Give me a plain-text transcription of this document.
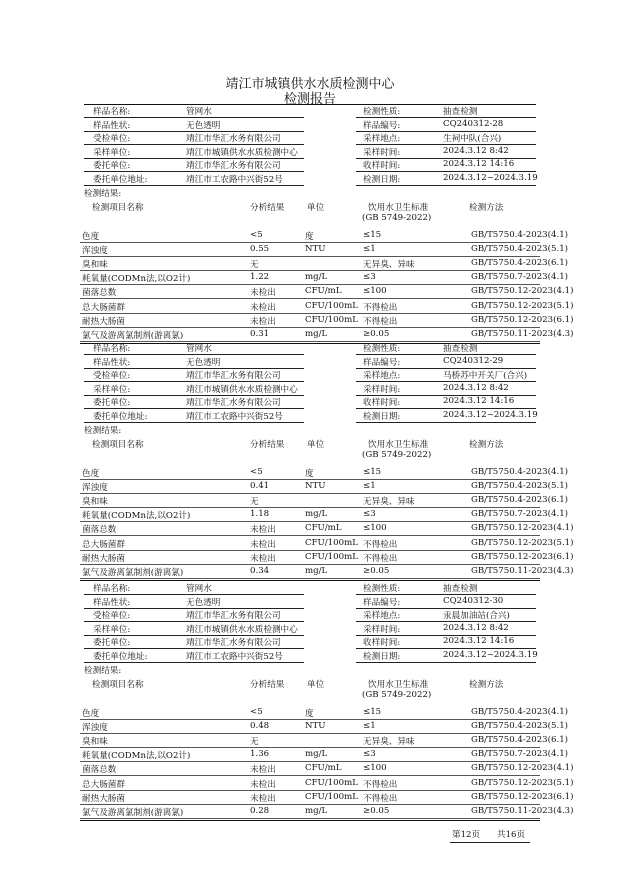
靖江市城镇供水水质检测中心
检测报告
样品名称:	管网水
样品性状:	无色透明
受检单位:	靖江市华汇水务有限公司
采样单位:	靖江市城镇供水水质检测中心
委托单位:	靖江市华汇水务有限公司
委托单位地址:	靖江市工农路中兴街52号
检测性质:	抽查检测
样品编号:	CQ240312-28
采样地点:	生祠中队(合兴)
采样时间:	2024.3.12 8:42
收样时间:	2024.3.12 14:16
检测日期:	2024.3.12~2024.3.19
检测结果:
检测项目名称	分析结果	单位	饮用水卫生标准
(GB 5749-2022)
检测方法
色度	<5	度	≤15	GB/T5750.4-2023(4.1)
浑浊度	0.55	NTU	≤1	GB/T5750.4-2023(5.1)
臭和味	无	无异臭、异味	GB/T5750.4-2023(6.1)
耗氧量(CODMn法,以O2计)	1.22	mg/L	≤3	GB/T5750.7-2023(4.1)
菌落总数	未检出	CFU/mL ≤100	GB/T5750.12-2023(4.1)
总大肠菌群	未检出	CFU/100mL 不得检出	GB/T5750.12-2023(5.1)
耐热大肠菌	未检出	CFU/100mL 不得检出	GB/T5750.12-2023(6.1)
氯气及游离氯制剂(游离氯)	0.31	mg/L	≥0.05	GB/T5750.11-2023(4.3)
样品名称:	管网水
样品性状:	无色透明
受检单位:	靖江市华汇水务有限公司
采样单位:	靖江市城镇供水水质检测中心
委托单位:	靖江市华汇水务有限公司
委托单位地址:	靖江市工农路中兴街52号
检测性质:	抽查检测
样品编号:	CQ240312-29
采样地点:	马桥苏中开关厂(合兴)
采样时间:	2024.3.12 8:42
收样时间:	2024.3.12 14:16
检测日期:	2024.3.12~2024.3.19
检测结果:
检测项目名称	分析结果	单位	饮用水卫生标准
(GB 5749-2022)
检测方法
色度	<5	度	≤15	GB/T5750.4-2023(4.1)
浑浊度	0.41	NTU	≤1	GB/T5750.4-2023(5.1)
臭和味	无	无异臭、异味	GB/T5750.4-2023(6.1)
耗氧量(CODMn法,以O2计)	1.18	mg/L	≤3	GB/T5750.7-2023(4.1)
菌落总数	未检出	CFU/mL ≤100	GB/T5750.12-2023(4.1)
总大肠菌群	未检出	CFU/100mL 不得检出	GB/T5750.12-2023(5.1)
耐热大肠菌	未检出	CFU/100mL 不得检出	GB/T5750.12-2023(6.1)
氯气及游离氯制剂(游离氯)	0.34	mg/L	≥0.05	GB/T5750.11-2023(4.3)
样品名称:	管网水
样品性状:	无色透明
受检单位:	靖江市华汇水务有限公司
采样单位:	靖江市城镇供水水质检测中心
委托单位:	靖江市华汇水务有限公司
委托单位地址:	靖江市工农路中兴街52号
检测性质:	抽查检测
样品编号:	CQ240312-30
采样地点:	汞晨加油站(合兴)
采样时间:	2024.3.12 8:42
收样时间:	2024.3.12 14:16
检测日期:	2024.3.12~2024.3.19
检测结果:
检测项目名称	分析结果	单位	饮用水卫生标准
(GB 5749-2022)
检测方法
色度	<5	度	≤15	GB/T5750.4-2023(4.1)
浑浊度	0.48	NTU	≤1	GB/T5750.4-2023(5.1)
臭和味	无	无异臭、异味	GB/T5750.4-2023(6.1)
耗氧量(CODMn法,以O2计)	1.36	mg/L	≤3	GB/T5750.7-2023(4.1)
菌落总数	未检出	CFU/mL ≤100	GB/T5750.12-2023(4.1)
总大肠菌群	未检出	CFU/100mL 不得检出	GB/T5750.12-2023(5.1)
耐热大肠菌	未检出	CFU/100mL 不得检出	GB/T5750.12-2023(6.1)
氯气及游离氯制剂(游离氯)	0.28	mg/L	≥0.05	GB/T5750.11-2023(4.3)
第12页 共16页
